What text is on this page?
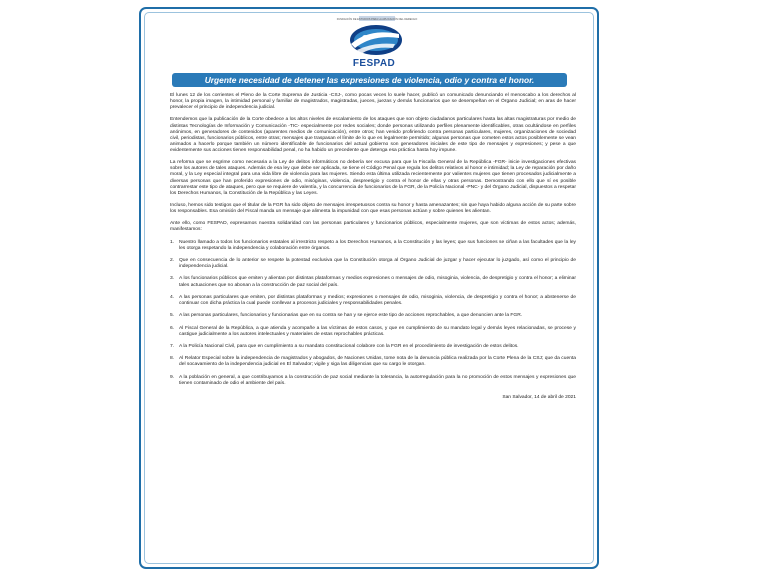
FUNDACIÓN DE ESTUDIOS PARA LA APLICACIÓN DEL DERECHO
FESPAD
Urgente necesidad de detener las expresiones de violencia, odio y contra el honor.

El lunes 12 de los corrientes el Pleno de la Corte Suprema de Justicia -CSJ-, como pocas veces lo suele hacer, publicó un comunicado denunciando el menoscabo a los derechos al honor, la propia imagen, la intimidad personal y familiar de magistrados, magistradas, jueces, juezas y demás funcionarios que se desempeñan en el Órgano Judicial; en aras de hacer prevalecer el principio de independencia judicial.

Entendemos que la publicación de la Corte obedece a los altos niveles de escalamiento de los ataques que son objeto ciudadanos particulares hasta las altas magistraturas por medio de distintas Tecnologías de Información y Comunicación -TIC- especialmente por redes sociales; donde personas utilizando perfiles plenamente identificables, otras ocultándose en perfiles anónimos, en generadores de contenidos (aparentes medios de comunicación), entre otros; han venido profiriendo contra personas particulares, mujeres, organizaciones de sociedad civil, periodistas, funcionarios públicos, entre otras; mensajes que traspasan el límite de lo que es legalmente permitido; algunas personas que cometen estos actos posiblemente se vean animados a hacerlo porque también un número identificable de funcionarios del actual gobierno son generadores iniciales de este tipo de mensajes y expresiones; y pese a que evidentemente sus acciones tienen responsabilidad penal, no ha habido un precedente que detenga esa práctica hasta hoy impune.

La reforma que se esgrime como necesaria a la Ley de delitos informáticos no debería ser excusa para que la Fiscalía General de la República -FGR- inicie investigaciones efectivas sobre los autores de tales ataques. Además de esa ley que debe ser aplicada, se tiene el Código Penal que regula los delitos relativos al honor e intimidad; la Ley de reparación por daño moral, y la Ley especial integral para una vida libre de violencia para las mujeres. Siendo esta última utilizada recientemente por valientes mujeres que tienen procesados judicialmente a diversas personas que han proferido expresiones de odio, misóginas, violencia, despreetigio y contra el honor de ellas y otras personas. Demostrando con ello que sí es posible contrarrestar este tipo de ataques, pero que se requiere de valentía, y la concurrencia de funcionarios de la FGR, de la Policía Nacional -PNC- y del Órgano Judicial, dispuestos a respetar los Derechos Humanos, la Constitución de la República y las Leyes.

Incluso, hemos sido testigos que el titular de la FGR ha sido objeto de mensajes irrespetuosos contra su honor y hasta amenazantes; sin que haya habido alguna acción de su parte sobre los responsables. Esa omisión del Fiscal manda un mensaje que alimenta la impunidad con que esas personas actúan y sobre quienes les alientan.

Ante ello, como FESPAD, expresamos nuestra solidaridad con las personas particulares y funcionarios públicos, especialmente mujeres, que son víctimas de estos actos; además, manifestamos:

1. Nuestro llamado a todos los funcionarios estatales al irrestricto respeto a los Derechos Humanos, a la Constitución y las leyes; que sus funciones se ciñan a las facultades que la ley les otorga respetando la independencia y colaboración entre órganos.
2. Que en consecuencia de lo anterior se respete la potestad exclusiva que la Constitución otorga al Órgano Judicial de juzgar y hacer ejecutar lo juzgado, así como el principio de independencia judicial.
3. A los funcionarios públicos que emiten y alientan por distintas plataformas y medios expresiones o mensajes de odio, misoginia, violencia, de despretigio y contra el honor; a eliminar tales actuaciones que no abonan a la construcción de paz social del país.
4. A las personas particulares que emiten, por distintas plataformas y medios; expresiones o mensajes de odio, misoginia, violencia, de despretigio y contra el honor; a abstenerse de continuar con dicha práctica la cual puede conllevar a procesos judiciales y responsabilidades penales.
5. A las personas particulares, funcionarios y funcionarias que en su contra se han y se ejerce este tipo de acciones reprochables, a que denuncien ante la FGR.
6. Al Fiscal General de la República, a que atienda y acompañe a las víctimas de estos casos, y que en cumplimiento de su mandato legal y demás leyes relacionadas, se procese y castigue judicialmente a los autores intelectuales y materiales de estas reprochables prácticas.
7. A la Policía Nacional Civil, para que en cumplimiento a su mandato constitucional colabore con la FGR en el procedimiento de investigación de estos delitos.
8. Al Relator Especial sobre la independencia de magistrados y abogados, de Naciones Unidas, tome nota de la denuncia pública realizada por la Corte Plena de la CSJ; que da cuenta del socavamiento de la independencia judicial en El Salvador; vigile y siga las diligencias que su cargo le otorgan.
9. A la población en general, a que contribuyamos a la construcción de paz social mediante la tolerancia, la autorregulación para la no promoción de estos mensajes y expresiones que tienen contaminado de odio el ambiente del país.

San Salvador, 14 de abril de 2021
